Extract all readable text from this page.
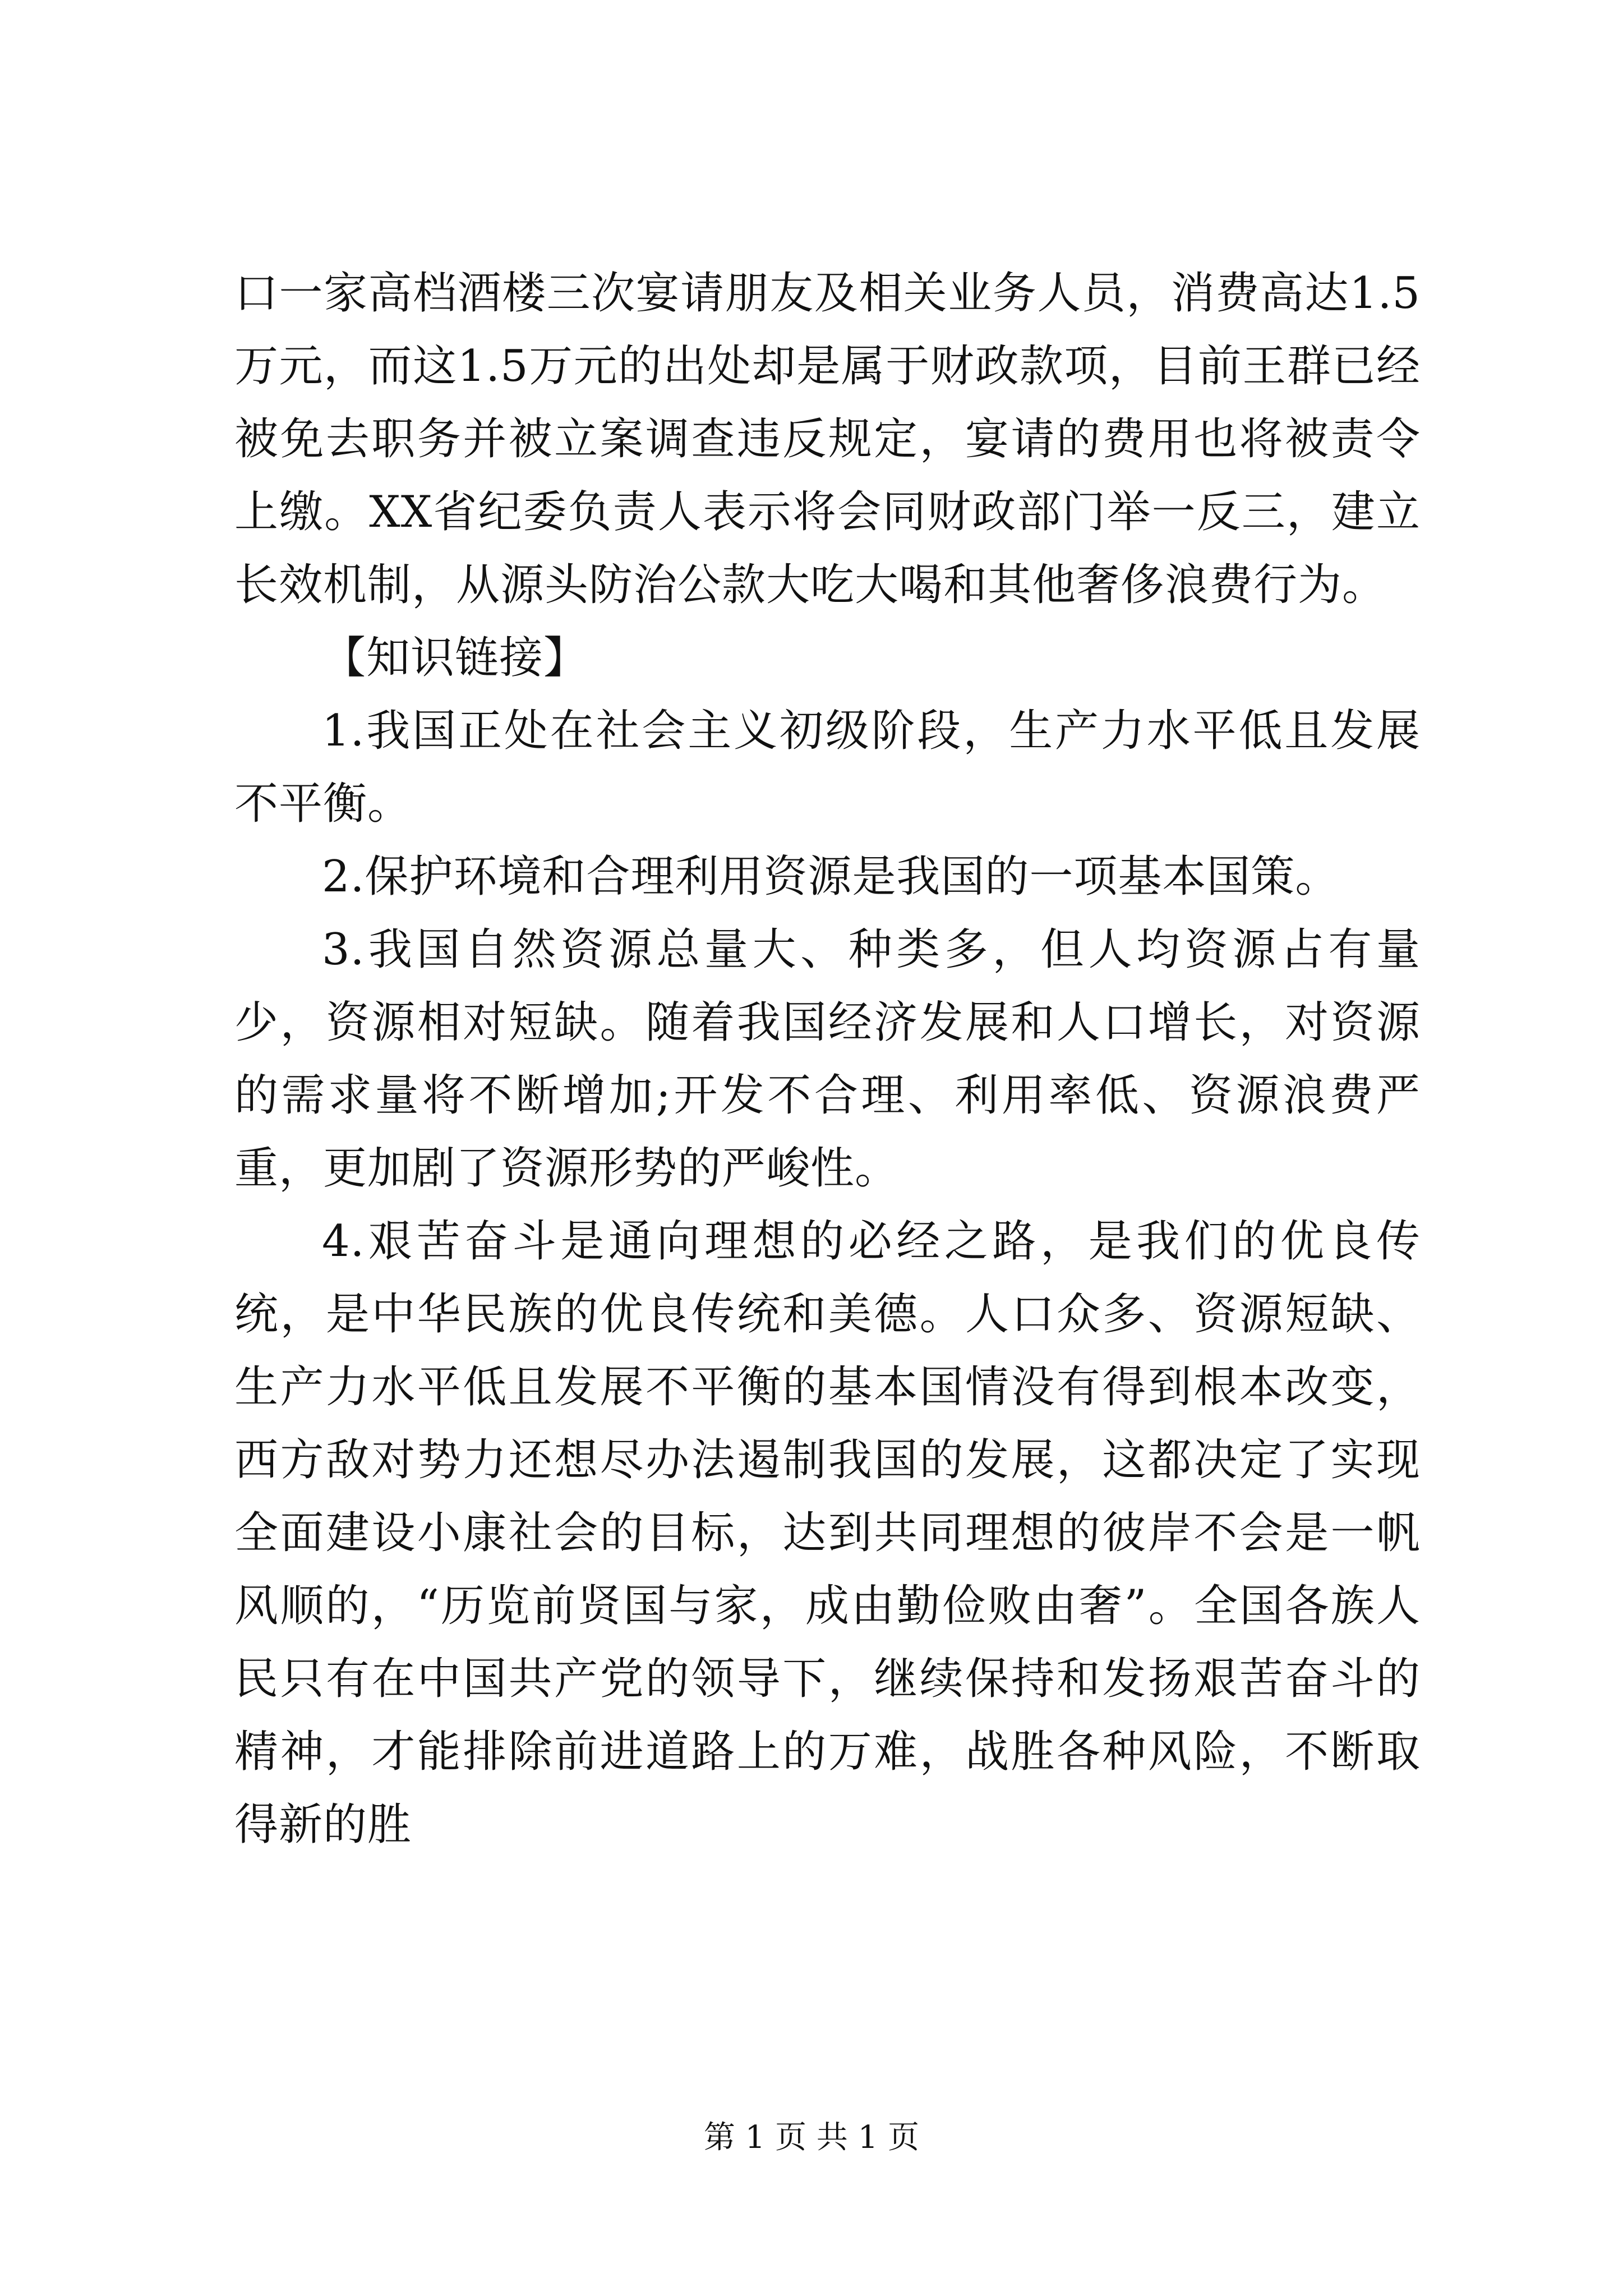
口一家高档酒楼三次宴请朋友及相关业务人员，消费高达1.5万元，而这1.5万元的出处却是属于财政款项，目前王群已经被免去职务并被立案调查违反规定，宴请的费用也将被责令上缴。XX省纪委负责人表示将会同财政部门举一反三，建立长效机制，从源头防治公款大吃大喝和其他奢侈浪费行为。

【知识链接】

1.我国正处在社会主义初级阶段，生产力水平低且发展不平衡。

2.保护环境和合理利用资源是我国的一项基本国策。

3.我国自然资源总量大、种类多，但人均资源占有量少，资源相对短缺。随着我国经济发展和人口增长，对资源的需求量将不断增加;开发不合理、利用率低、资源浪费严重，更加剧了资源形势的严峻性。

4.艰苦奋斗是通向理想的必经之路，是我们的优良传统，是中华民族的优良传统和美德。人口众多、资源短缺、生产力水平低且发展不平衡的基本国情没有得到根本改变，西方敌对势力还想尽办法遏制我国的发展，这都决定了实现全面建设小康社会的目标，达到共同理想的彼岸不会是一帆风顺的，“历览前贤国与家，成由勤俭败由奢”。全国各族人民只有在中国共产党的领导下，继续保持和发扬艰苦奋斗的精神，才能排除前进道路上的万难，战胜各种风险，不断取得新的胜

第 1 页 共 1 页
